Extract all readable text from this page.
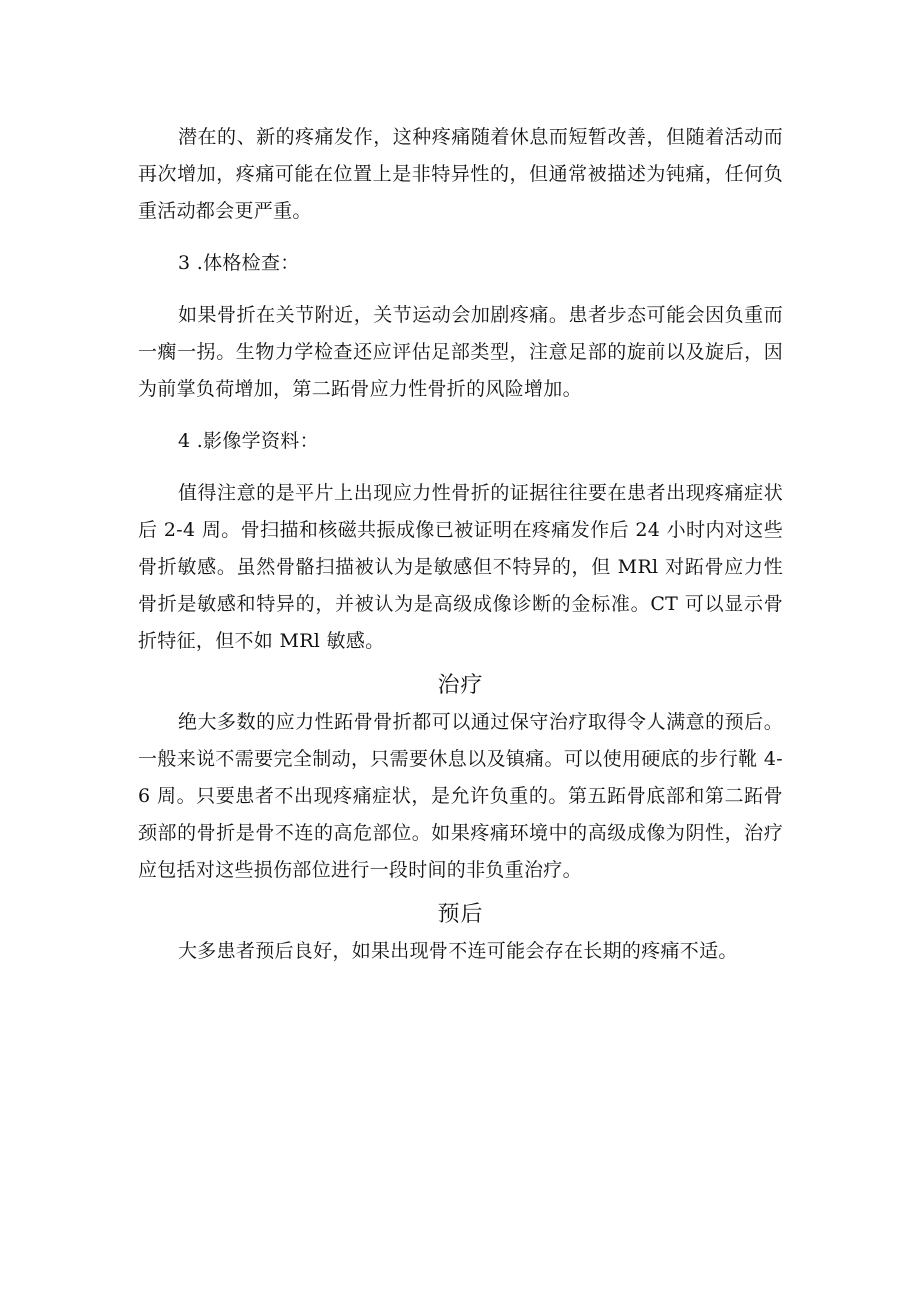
潜在的、新的疼痛发作，这种疼痛随着休息而短暂改善，但随着活动而再次增加，疼痛可能在位置上是非特异性的，但通常被描述为钝痛，任何负重活动都会更严重。

3 .体格检查：

如果骨折在关节附近，关节运动会加剧疼痛。患者步态可能会因负重而一瘸一拐。生物力学检查还应评估足部类型，注意足部的旋前以及旋后，因为前掌负荷增加，第二跖骨应力性骨折的风险增加。

4 .影像学资料：

值得注意的是平片上出现应力性骨折的证据往往要在患者出现疼痛症状后 2-4 周。骨扫描和核磁共振成像已被证明在疼痛发作后 24 小时内对这些骨折敏感。虽然骨骼扫描被认为是敏感但不特异的，但 MRl 对跖骨应力性骨折是敏感和特异的，并被认为是高级成像诊断的金标准。CT 可以显示骨折特征，但不如 MRl 敏感。

治疗

绝大多数的应力性跖骨骨折都可以通过保守治疗取得令人满意的预后。一般来说不需要完全制动，只需要休息以及镇痛。可以使用硬底的步行靴 4-6 周。只要患者不出现疼痛症状，是允许负重的。第五跖骨底部和第二跖骨颈部的骨折是骨不连的高危部位。如果疼痛环境中的高级成像为阴性，治疗应包括对这些损伤部位进行一段时间的非负重治疗。

预后

大多患者预后良好，如果出现骨不连可能会存在长期的疼痛不适。
